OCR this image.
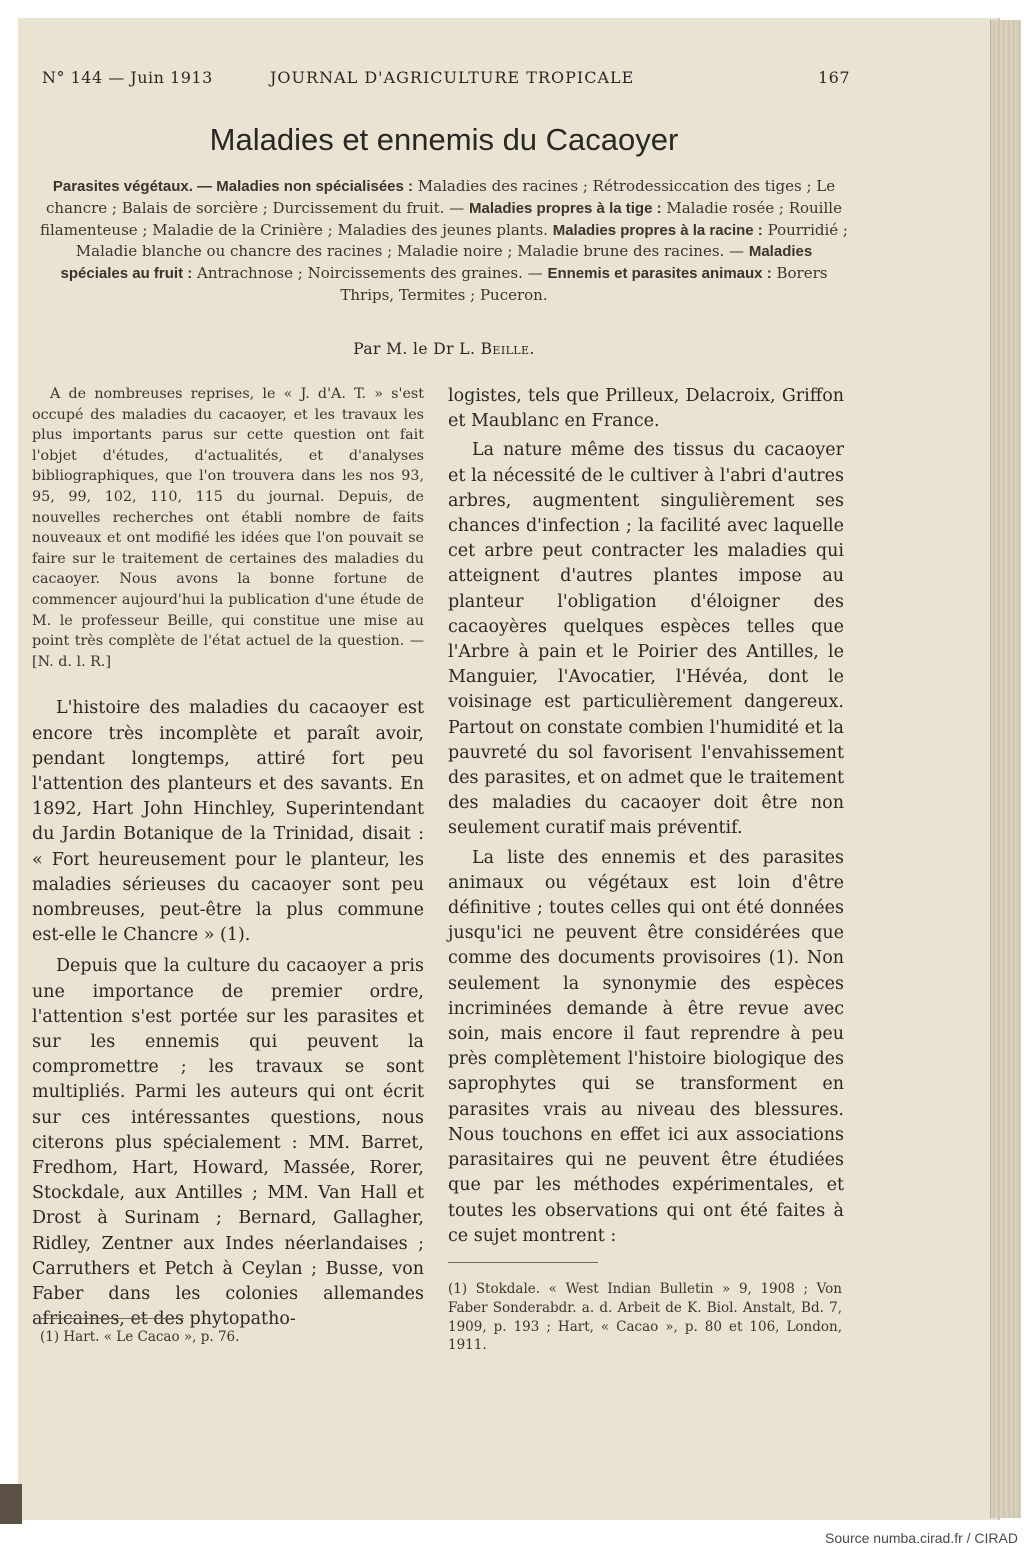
N° 144 — Juin 1913	JOURNAL D'AGRICULTURE TROPICALE	167
Maladies et ennemis du Cacaoyer
Parasites végétaux. — Maladies non spécialisées : Maladies des racines ; Rétrodessiccation des tiges ; Le chancre ; Balais de sorcière ; Durcissement du fruit. — Maladies propres à la tige : Maladie rosée ; Rouille filamenteuse ; Maladie de la Crinière ; Maladies des jeunes plants. Maladies propres à la racine : Pourridié ; Maladie blanche ou chancre des racines ; Maladie noire ; Maladie brune des racines. — Maladies spéciales au fruit : Antrachnose ; Noircissements des graines. — Ennemis et parasites animaux : Borers Thrips, Termites ; Puceron.
Par M. le Dr L. Beille.

A de nombreuses reprises, le « J. d'A. T. » s'est occupé des maladies du cacaoyer, et les travaux les plus importants parus sur cette question ont fait l'objet d'études, d'actualités, et d'analyses bibliographiques, que l'on trouvera dans les nos 93, 95, 99, 102, 110, 115 du journal. Depuis, de nouvelles recherches ont établi nombre de faits nouveaux et ont modifié les idées que l'on pouvait se faire sur le traitement de certaines des maladies du cacaoyer. Nous avons la bonne fortune de commencer aujourd'hui la publication d'une étude de M. le professeur Beille, qui constitue une mise au point très complète de l'état actuel de la question. — [N. d. l. R.]

L'histoire des maladies du cacaoyer est encore très incomplète et paraît avoir, pendant longtemps, attiré fort peu l'attention des planteurs et des savants. En 1892, Hart John Hinchley, Superintendant du Jardin Botanique de la Trinidad, disait : « Fort heureusement pour le planteur, les maladies sérieuses du cacaoyer sont peu nombreuses, peut-être la plus commune est-elle le Chancre » (1).

Depuis que la culture du cacaoyer a pris une importance de premier ordre, l'attention s'est portée sur les parasites et sur les ennemis qui peuvent la compromettre ; les travaux se sont multipliés. Parmi les auteurs qui ont écrit sur ces intéressantes questions, nous citerons plus spécialement : MM. Barret, Fredhom, Hart, Howard, Massée, Rorer, Stockdale, aux Antilles ; MM. Van Hall et Drost à Surinam ; Bernard, Gallagher, Ridley, Zentner aux Indes néerlandaises ; Carruthers et Petch à Ceylan ; Busse, von Faber dans les colonies allemandes africaines, et des phytopatho-

(1) Hart. « Le Cacao », p. 76.

logistes, tels que Prilleux, Delacroix, Griffon et Maublanc en France.

La nature même des tissus du cacaoyer et la nécessité de le cultiver à l'abri d'autres arbres, augmentent singulièrement ses chances d'infection ; la facilité avec laquelle cet arbre peut contracter les maladies qui atteignent d'autres plantes impose au planteur l'obligation d'éloigner des cacaoyères quelques espèces telles que l'Arbre à pain et le Poirier des Antilles, le Manguier, l'Avocatier, l'Hévéa, dont le voisinage est particulièrement dangereux. Partout on constate combien l'humidité et la pauvreté du sol favorisent l'envahissement des parasites, et on admet que le traitement des maladies du cacaoyer doit être non seulement curatif mais préventif.

La liste des ennemis et des parasites animaux ou végétaux est loin d'être définitive ; toutes celles qui ont été données jusqu'ici ne peuvent être considérées que comme des documents provisoires (1). Non seulement la synonymie des espèces incriminées demande à être revue avec soin, mais encore il faut reprendre à peu près complètement l'histoire biologique des saprophytes qui se transforment en parasites vrais au niveau des blessures. Nous touchons en effet ici aux associations parasitaires qui ne peuvent être étudiées que par les méthodes expérimentales, et toutes les observations qui ont été faites à ce sujet montrent :

(1) Stokdale. « West Indian Bulletin » 9, 1908 ; Von Faber Sonderabdr. a. d. Arbeit de K. Biol. Anstalt, Bd. 7, 1909, p. 193 ; Hart, « Cacao », p. 80 et 106, London, 1911.
Source numba.cirad.fr / CIRAD
